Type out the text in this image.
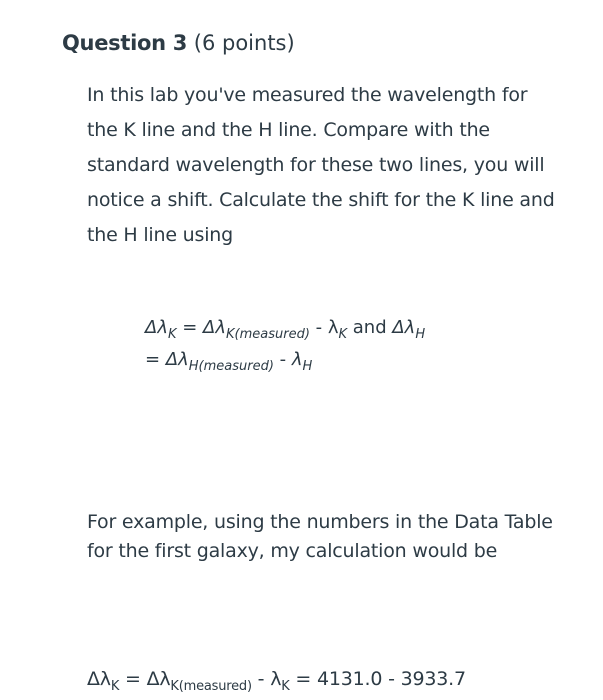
Question 3 (6 points)

In this lab you've measured the wavelength for the K line and the H line. Compare with the standard wavelength for these two lines, you will notice a shift. Calculate the shift for the K line and the H line using

$\Delta\lambda_K = \Delta\lambda_{K(measured)} - \lambda_K$ and $\Delta\lambda_H$
= $\Delta\lambda_{H(measured)} - \lambda_H$
For example, using the numbers in the Data Table for the first galaxy, my calculation would be
$\Delta\lambda_K = \Delta\lambda_{K(measured)} - \lambda_K = 4131.0 - 3933.7$
